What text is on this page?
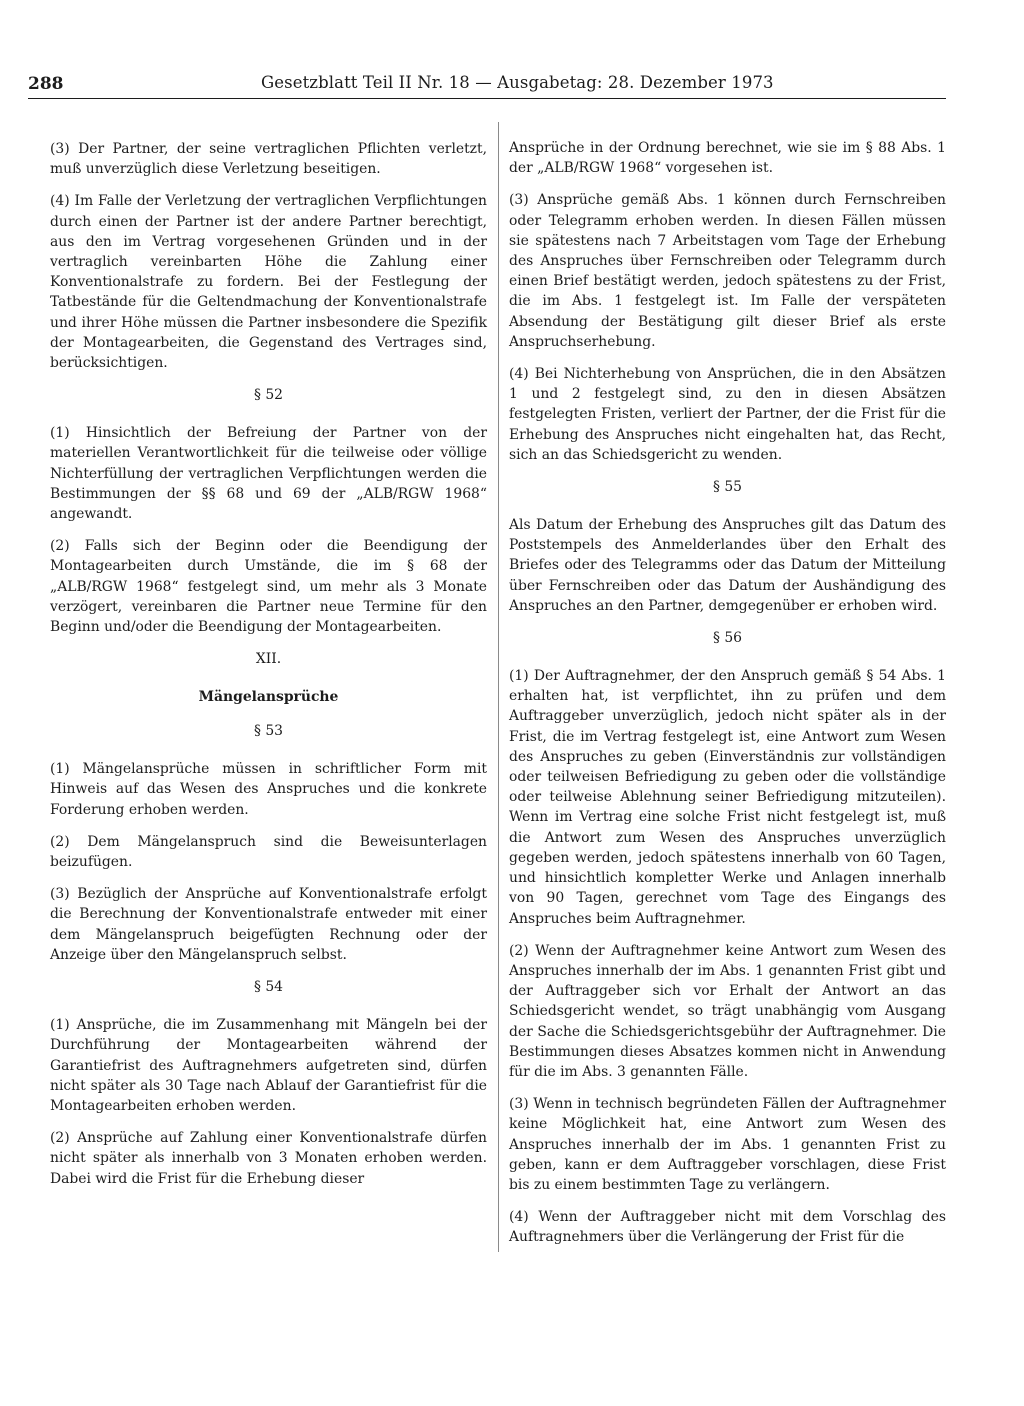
288	Gesetzblatt Teil II Nr. 18 — Ausgabetag: 28. Dezember 1973

(3) Der Partner, der seine vertraglichen Pflichten verletzt, muß unverzüglich diese Verletzung beseitigen.

(4) Im Falle der Verletzung der vertraglichen Verpflichtungen durch einen der Partner ist der andere Partner berechtigt, aus den im Vertrag vorgesehenen Gründen und in der vertraglich vereinbarten Höhe die Zahlung einer Konventionalstrafe zu fordern. Bei der Festlegung der Tatbestände für die Geltendmachung der Konventionalstrafe und ihrer Höhe müssen die Partner insbesondere die Spezifik der Montagearbeiten, die Gegenstand des Vertrages sind, berücksichtigen.

§ 52

(1) Hinsichtlich der Befreiung der Partner von der materiellen Verantwortlichkeit für die teilweise oder völlige Nichterfüllung der vertraglichen Verpflichtungen werden die Bestimmungen der §§ 68 und 69 der „ALB/RGW 1968“ angewandt.

(2) Falls sich der Beginn oder die Beendigung der Montagearbeiten durch Umstände, die im § 68 der „ALB/RGW 1968“ festgelegt sind, um mehr als 3 Monate verzögert, vereinbaren die Partner neue Termine für den Beginn und/oder die Beendigung der Montagearbeiten.

XII.
Mängelansprüche
§ 53

(1) Mängelansprüche müssen in schriftlicher Form mit Hinweis auf das Wesen des Anspruches und die konkrete Forderung erhoben werden.

(2) Dem Mängelanspruch sind die Beweisunterlagen beizufügen.

(3) Bezüglich der Ansprüche auf Konventionalstrafe erfolgt die Berechnung der Konventionalstrafe entweder mit einer dem Mängelanspruch beigefügten Rechnung oder der Anzeige über den Mängelanspruch selbst.

§ 54

(1) Ansprüche, die im Zusammenhang mit Mängeln bei der Durchführung der Montagearbeiten während der Garantiefrist des Auftragnehmers aufgetreten sind, dürfen nicht später als 30 Tage nach Ablauf der Garantiefrist für die Montagearbeiten erhoben werden.

(2) Ansprüche auf Zahlung einer Konventionalstrafe dürfen nicht später als innerhalb von 3 Monaten erhoben werden. Dabei wird die Frist für die Erhebung dieser

Ansprüche in der Ordnung berechnet, wie sie im § 88 Abs. 1 der „ALB/RGW 1968“ vorgesehen ist.

(3) Ansprüche gemäß Abs. 1 können durch Fernschreiben oder Telegramm erhoben werden. In diesen Fällen müssen sie spätestens nach 7 Arbeitstagen vom Tage der Erhebung des Anspruches über Fernschreiben oder Telegramm durch einen Brief bestätigt werden, jedoch spätestens zu der Frist, die im Abs. 1 festgelegt ist. Im Falle der verspäteten Absendung der Bestätigung gilt dieser Brief als erste Anspruchserhebung.

(4) Bei Nichterhebung von Ansprüchen, die in den Absätzen 1 und 2 festgelegt sind, zu den in diesen Absätzen festgelegten Fristen, verliert der Partner, der die Frist für die Erhebung des Anspruches nicht eingehalten hat, das Recht, sich an das Schiedsgericht zu wenden.

§ 55

Als Datum der Erhebung des Anspruches gilt das Datum des Poststempels des Anmelderlandes über den Erhalt des Briefes oder des Telegramms oder das Datum der Mitteilung über Fernschreiben oder das Datum der Aushändigung des Anspruches an den Partner, demgegenüber er erhoben wird.

§ 56

(1) Der Auftragnehmer, der den Anspruch gemäß § 54 Abs. 1 erhalten hat, ist verpflichtet, ihn zu prüfen und dem Auftraggeber unverzüglich, jedoch nicht später als in der Frist, die im Vertrag festgelegt ist, eine Antwort zum Wesen des Anspruches zu geben (Einverständnis zur vollständigen oder teilweisen Befriedigung zu geben oder die vollständige oder teilweise Ablehnung seiner Befriedigung mitzuteilen). Wenn im Vertrag eine solche Frist nicht festgelegt ist, muß die Antwort zum Wesen des Anspruches unverzüglich gegeben werden, jedoch spätestens innerhalb von 60 Tagen, und hinsichtlich kompletter Werke und Anlagen innerhalb von 90 Tagen, gerechnet vom Tage des Eingangs des Anspruches beim Auftragnehmer.

(2) Wenn der Auftragnehmer keine Antwort zum Wesen des Anspruches innerhalb der im Abs. 1 genannten Frist gibt und der Auftraggeber sich vor Erhalt der Antwort an das Schiedsgericht wendet, so trägt unabhängig vom Ausgang der Sache die Schiedsgerichtsgebühr der Auftragnehmer. Die Bestimmungen dieses Absatzes kommen nicht in Anwendung für die im Abs. 3 genannten Fälle.

(3) Wenn in technisch begründeten Fällen der Auftragnehmer keine Möglichkeit hat, eine Antwort zum Wesen des Anspruches innerhalb der im Abs. 1 genannten Frist zu geben, kann er dem Auftraggeber vorschlagen, diese Frist bis zu einem bestimmten Tage zu verlängern.

(4) Wenn der Auftraggeber nicht mit dem Vorschlag des Auftragnehmers über die Verlängerung der Frist für die
